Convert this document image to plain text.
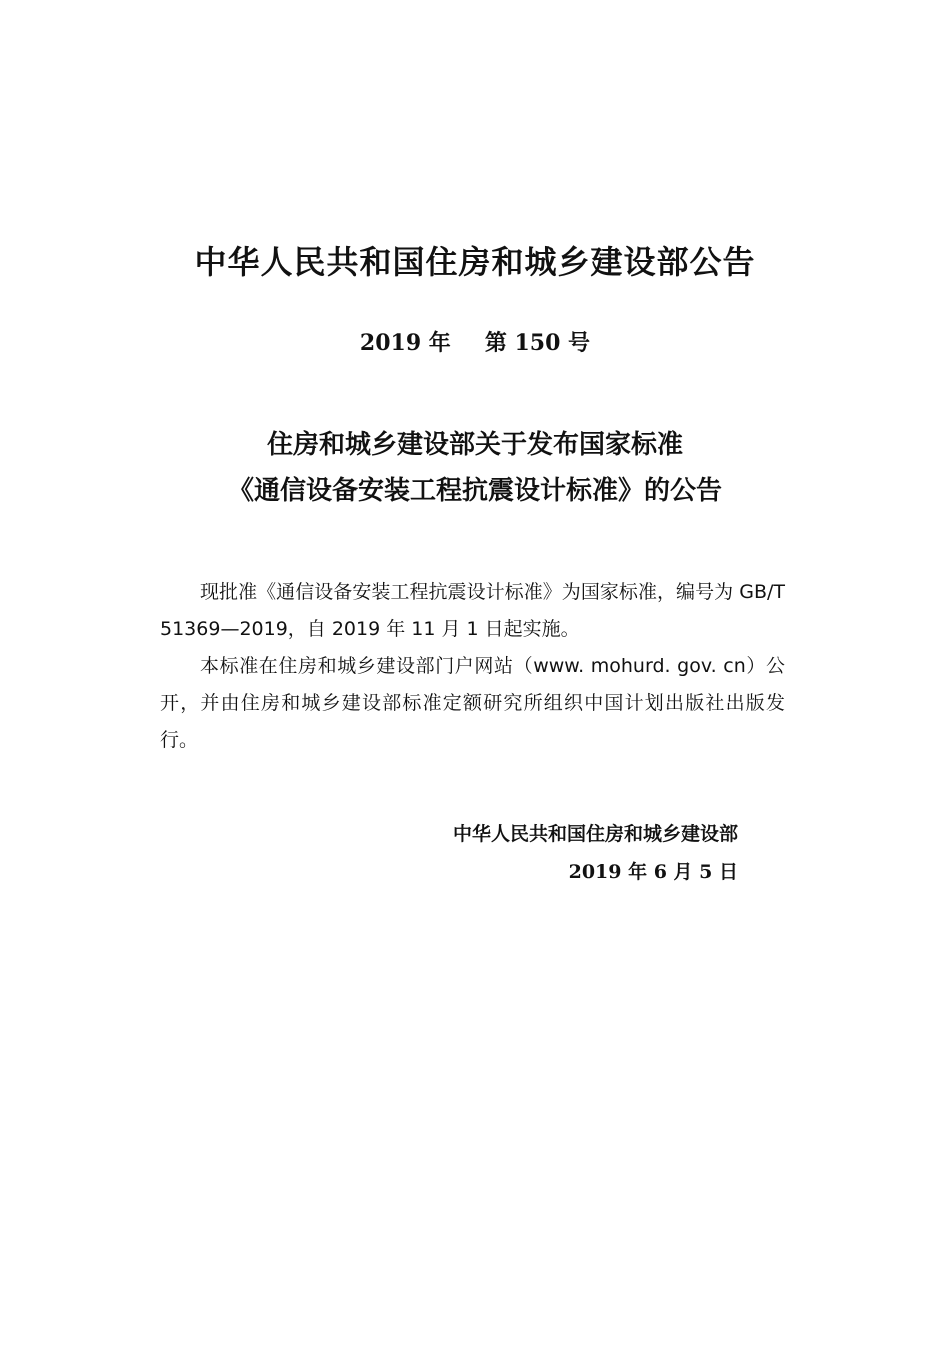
中华人民共和国住房和城乡建设部公告
2019 年 第 150 号
住房和城乡建设部关于发布国家标准
《通信设备安装工程抗震设计标准》的公告

现批准《通信设备安装工程抗震设计标准》为国家标准，编号为 GB/T 51369—2019，自 2019 年 11 月 1 日起实施。

本标准在住房和城乡建设部门户网站（www. mohurd. gov. cn）公开，并由住房和城乡建设部标准定额研究所组织中国计划出版社出版发行。

中华人民共和国住房和城乡建设部
2019 年 6 月 5 日
